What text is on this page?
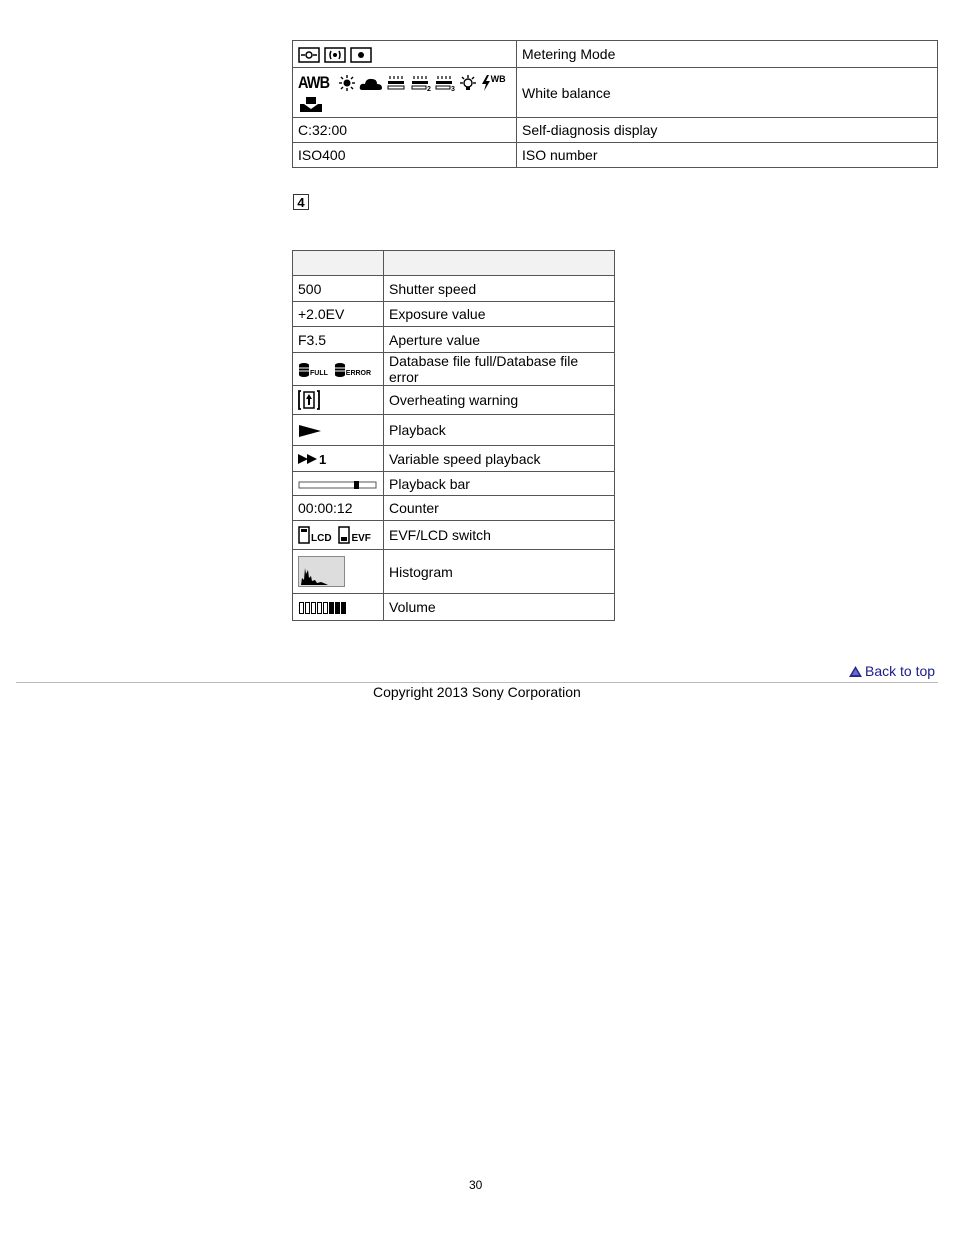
	Metering Mode

AWB 2 3
WB	White balance
C:32:00	Self-diagnosis display
ISO400	ISO number
4

500	Shutter speed
+2.0EV	Exposure value
F3.5	Aperture value

FULL
ERROR	Database file full/Database file error

	Overheating warning

	Playback

1	Variable speed playback

	Playback bar
00:00:12	Counter

LCD
EVF	EVF/LCD switch

	Histogram

	Volume
Back to top
Copyright 2013 Sony Corporation
30
